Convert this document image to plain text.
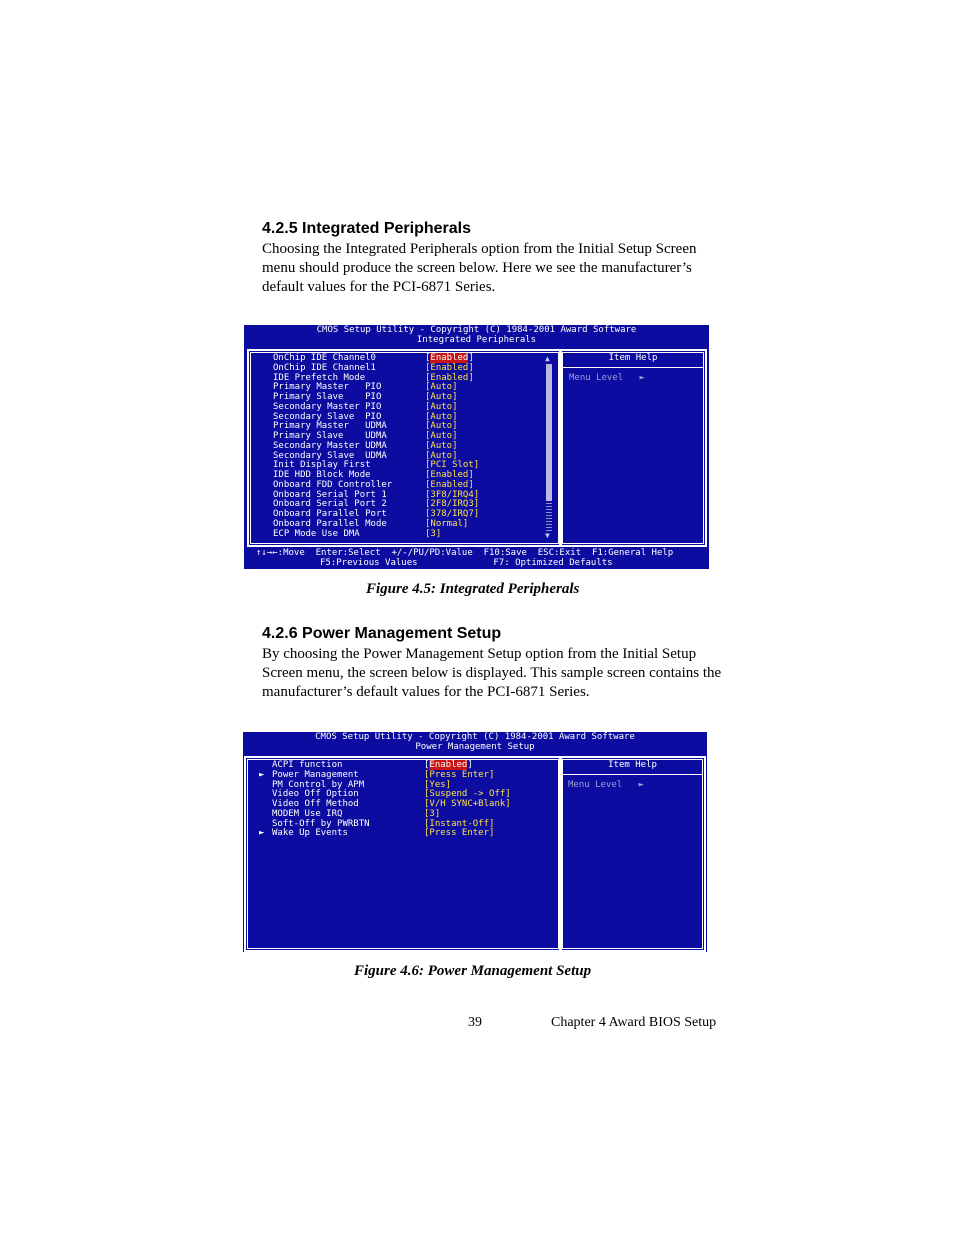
4.2.5 Integrated Peripherals

Choosing the Integrated Peripherals option from the Initial Setup Screen menu should produce the screen below. Here we see the manufacturer’s default values for the PCI-6871 Series.

CMOS Setup Utility - Copyright (C) 1984-2001 Award Software
Integrated Peripherals
OnChip IDE Channel0	[Enabled]
OnChip IDE Channel1	[Enabled]
IDE Prefetch Mode	[Enabled]
Primary Master   PIO	[Auto]
Primary Slave    PIO	[Auto]
Secondary Master PIO	[Auto]
Secondary Slave  PIO	[Auto]
Primary Master   UDMA	[Auto]
Primary Slave    UDMA	[Auto]
Secondary Master UDMA	[Auto]
Secondary Slave  UDMA	[Auto]
Init Display First	[PCI Slot]
IDE HDD Block Mode	[Enabled]
Onboard FDD Controller	[Enabled]
Onboard Serial Port 1	[3F8/IRQ4]
Onboard Serial Port 2	[2F8/IRQ3]
Onboard Parallel Port	[378/IRQ7]
Onboard Parallel Mode	[Normal]
ECP Mode Use DMA	[3]
▲
▼
Item Help
Menu Level   ►
↑↓→←:Move  Enter:Select  +/-/PU/PD:Value  F10:Save  ESC:Exit  F1:General Help
F5:Previous Values              F7: Optimized Defaults

Figure 4.5: Integrated Peripherals

4.2.6 Power Management Setup

By choosing the Power Management Setup option from the Initial Setup Screen menu, the screen below is displayed. This sample screen contains the manufacturer’s default values for the PCI-6871 Series.

CMOS Setup Utility - Copyright (C) 1984-2001 Award Software
Power Management Setup
ACPI function	[Enabled]
► Power Management	[Press Enter]
PM Control by APM	[Yes]
Video Off Option	[Suspend -> Off]
Video Off Method	[V/H SYNC+Blank]
MODEM Use IRQ	[3]
Soft-Off by PWRBTN	[Instant-Off]
► Wake Up Events	[Press Enter]
Item Help
Menu Level   ►

Figure 4.6: Power Management Setup

39	Chapter 4 Award BIOS Setup
